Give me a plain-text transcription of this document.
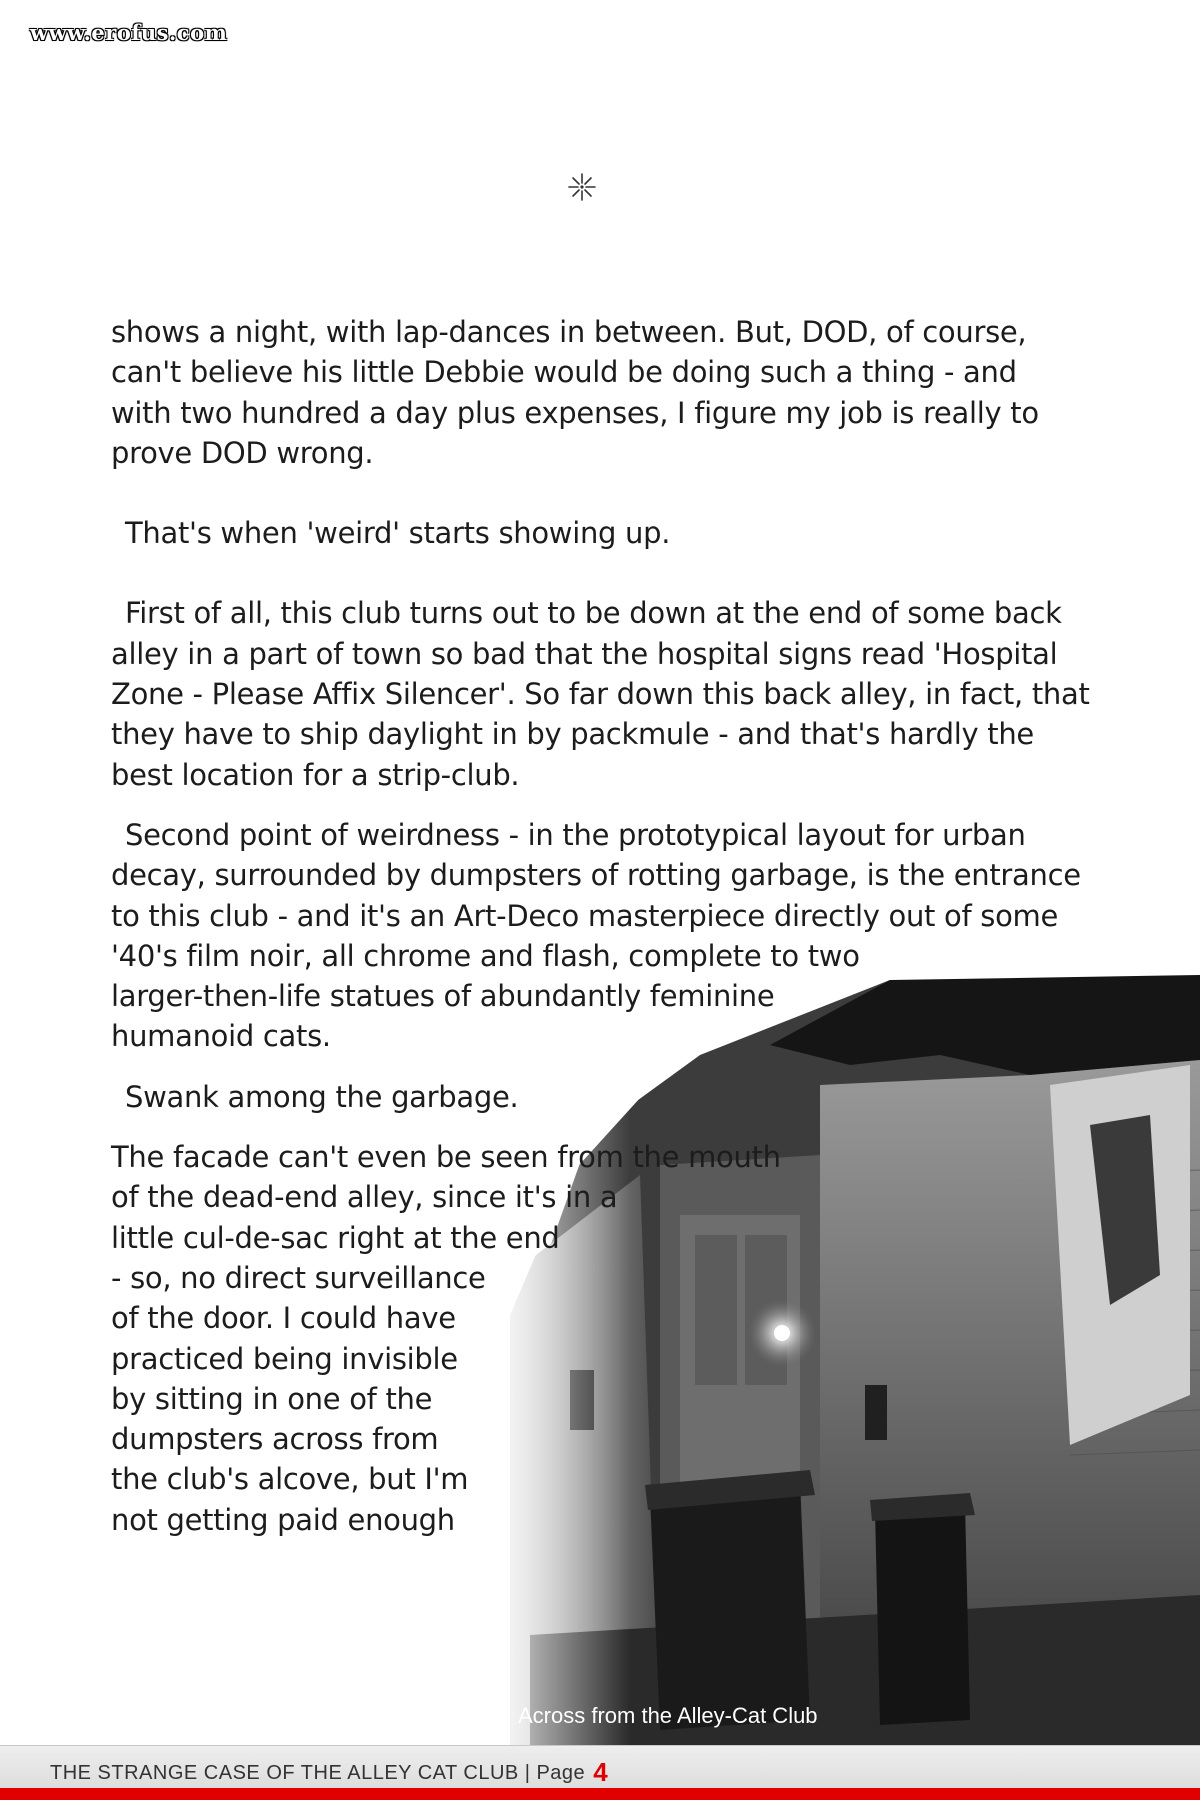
www.erofus.com

shows a night, with lap-dances in between. But, DOD, of course,
can't believe his little Debbie would be doing such a thing - and
with two hundred a day plus expenses, I figure my job is really to
prove DOD wrong.

That's when 'weird' starts showing up.

First of all, this club turns out to be down at the end of some back
alley in a part of town so bad that the hospital signs read 'Hospital
Zone - Please Affix Silencer'. So far down this back alley, in fact, that
they have to ship daylight in by packmule - and that's hardly the
best location for a strip-club.

Second point of weirdness - in the prototypical layout for urban
decay, surrounded by dumpsters of rotting garbage, is the entrance
to this club - and it's an Art-Deco masterpiece directly out of some
'40's film noir, all chrome and flash, complete to two
larger-then-life statues of abundantly feminine
humanoid cats.

Swank among the garbage.

The facade can't even be seen from the mouth
of the dead-end alley, since it's in a
little cul-de-sac right at the end
- so, no direct surveillance
of the door. I could have
practiced being invisible
by sitting in one of the
dumpsters across from
the club's alcove, but I'm
not getting paid enough

Across from the Alley-Cat Club
THE STRANGE CASE OF THE ALLEY CAT CLUB | Page 4
